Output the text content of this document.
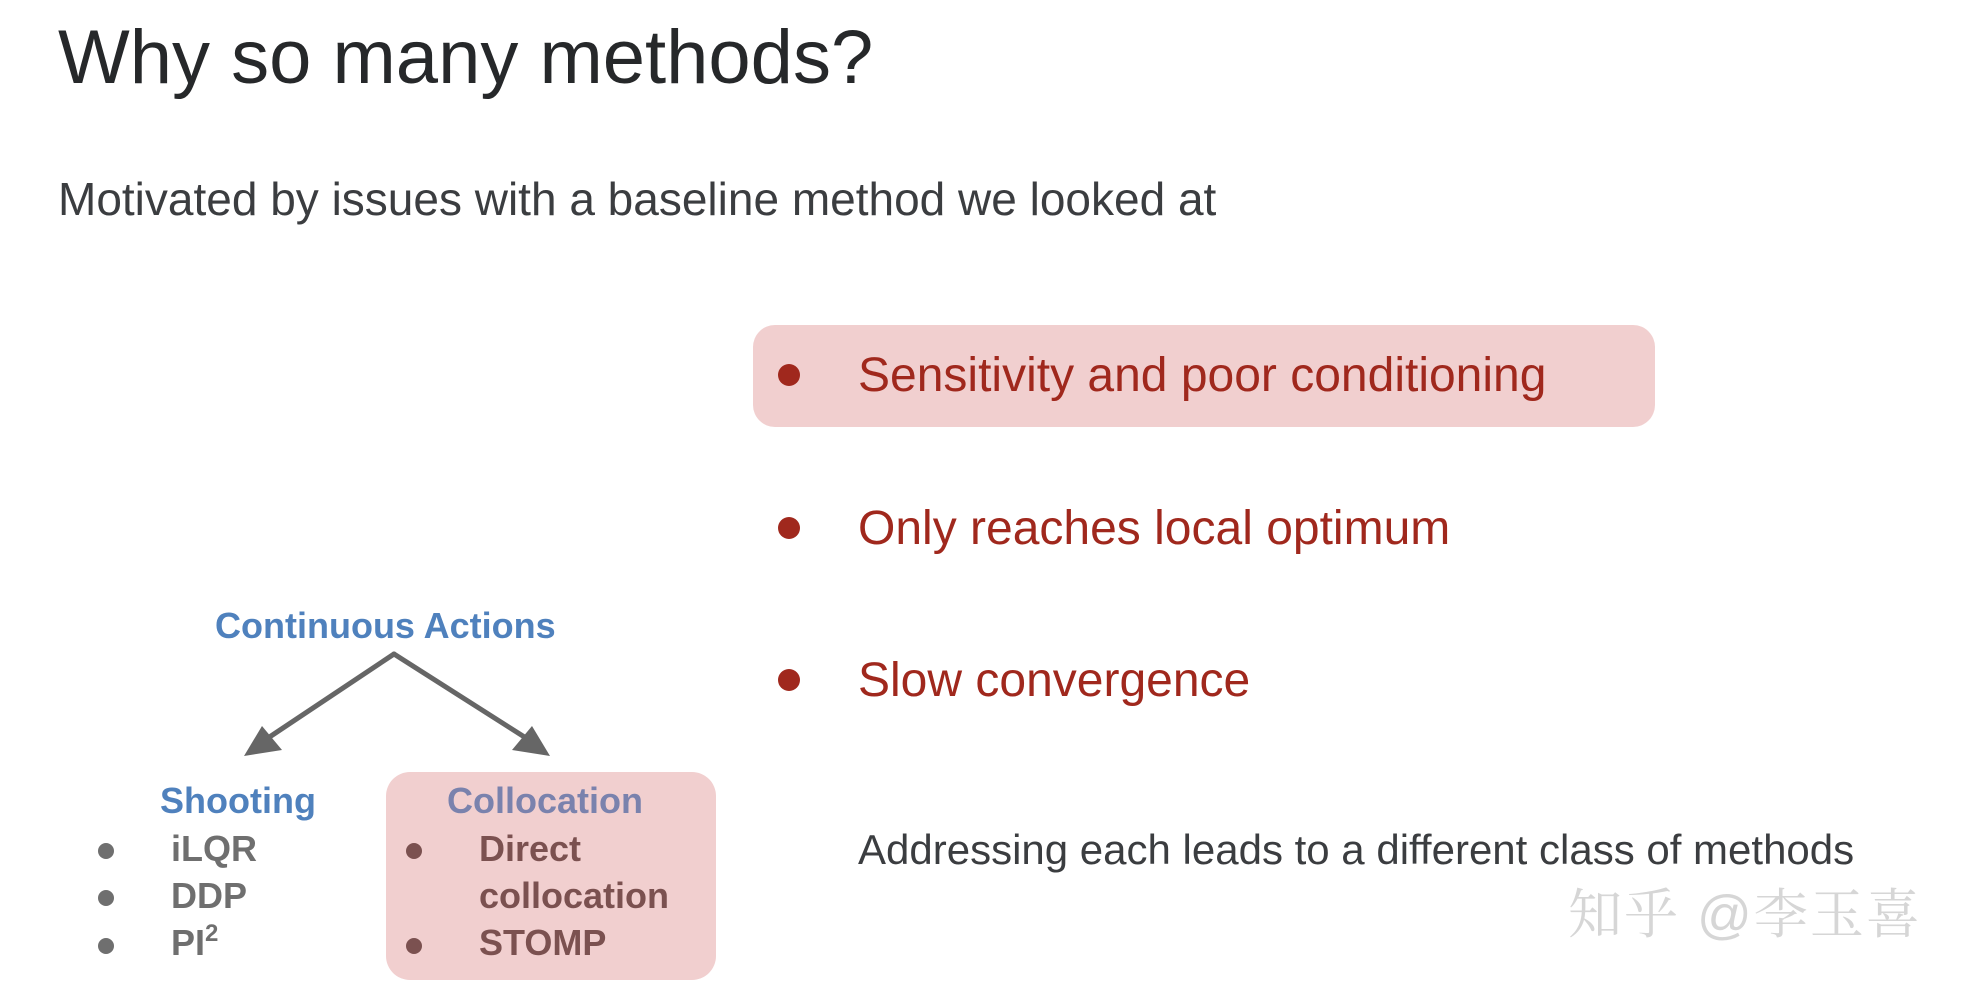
Why so many methods?
Motivated by issues with a baseline method we looked at
Sensitivity and poor conditioning
Only reaches local optimum
Slow convergence
Addressing each leads to a different class of methods
Continuous Actions
Shooting
iLQR
DDP
$PI^2$
Collocation
Direct
collocation
STOMP	知乎 @李玉喜
